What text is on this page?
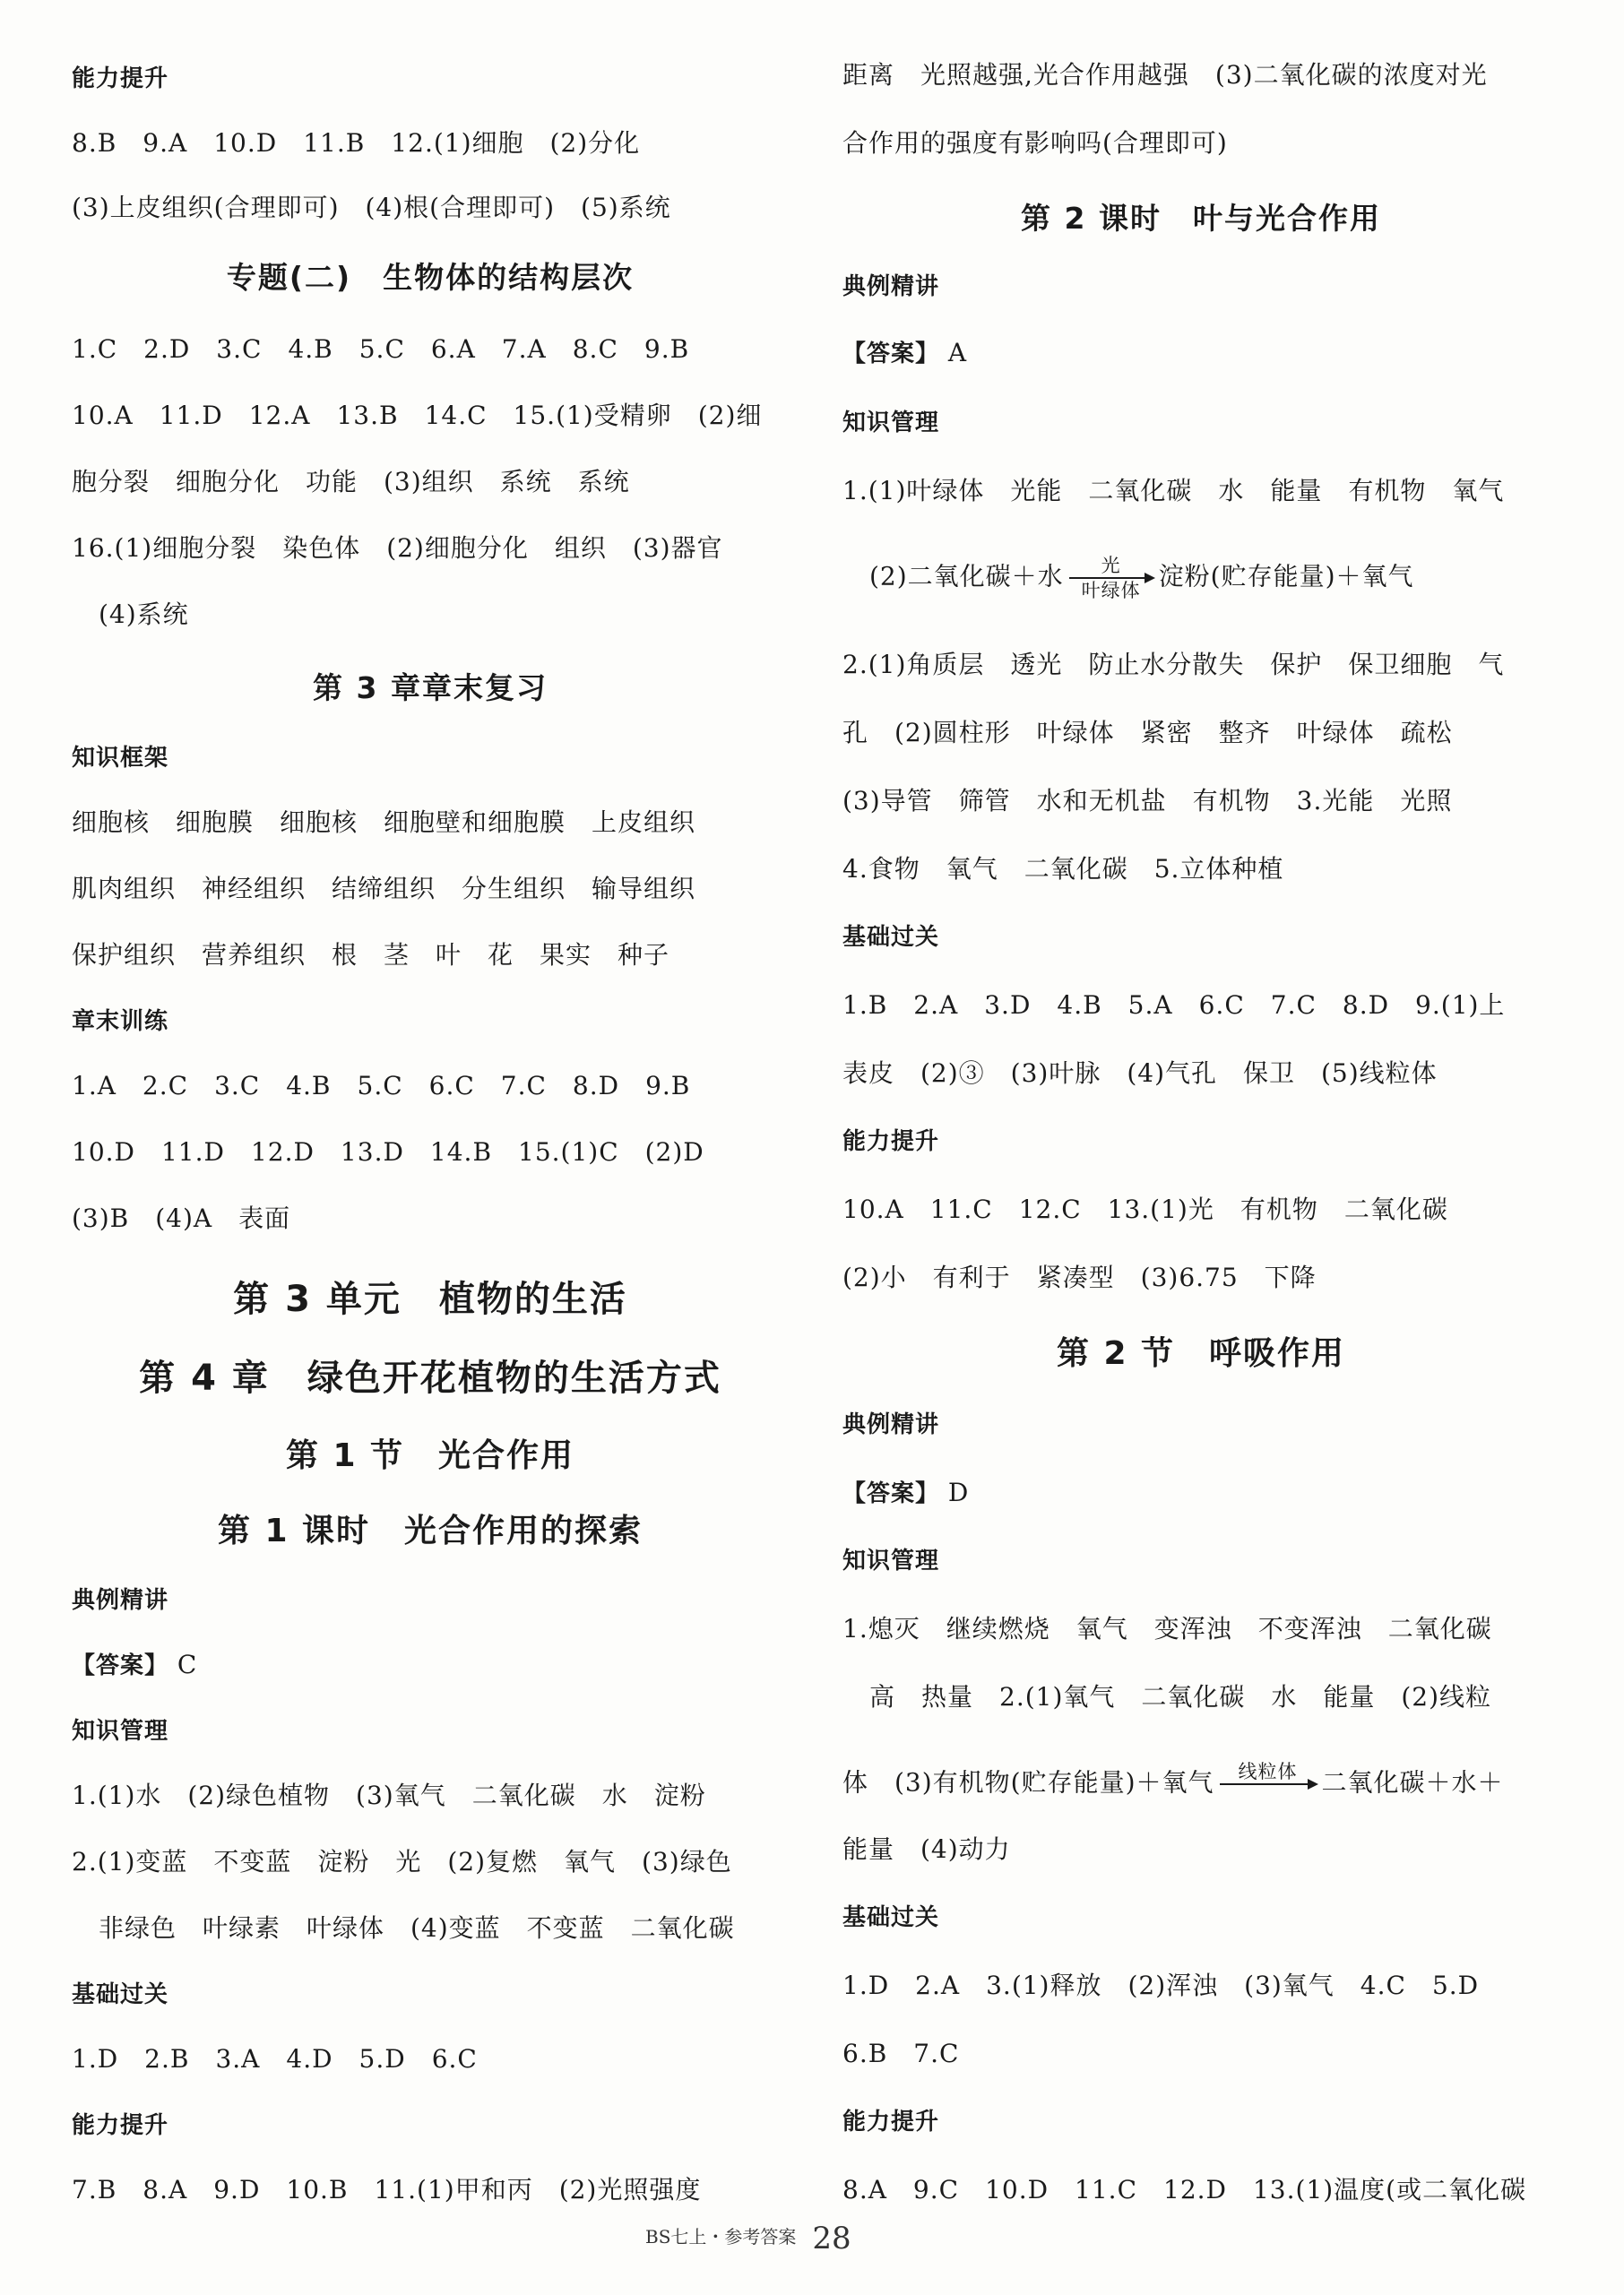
能力提升
8.B　9.A　10.D　11.B　12.(1)细胞　(2)分化
(3)上皮组织(合理即可)　(4)根(合理即可)　(5)系统
专题(二)　生物体的结构层次
1.C　2.D　3.C　4.B　5.C　6.A　7.A　8.C　9.B
10.A　11.D　12.A　13.B　14.C　15.(1)受精卵　(2)细
胞分裂　细胞分化　功能　(3)组织　系统　系统
16.(1)细胞分裂　染色体　(2)细胞分化　组织　(3)器官
(4)系统
第 3 章章末复习
知识框架
细胞核　细胞膜　细胞核　细胞壁和细胞膜　上皮组织
肌肉组织　神经组织　结缔组织　分生组织　输导组织
保护组织　营养组织　根　茎　叶　花　果实　种子
章末训练
1.A　2.C　3.C　4.B　5.C　6.C　7.C　8.D　9.B
10.D　11.D　12.D　13.D　14.B　15.(1)C　(2)D
(3)B　(4)A　表面
第 3 单元　植物的生活
第 4 章　绿色开花植物的生活方式
第 1 节　光合作用
第 1 课时　光合作用的探索
典例精讲
【答案】 C
知识管理
1.(1)水　(2)绿色植物　(3)氧气　二氧化碳　水　淀粉
2.(1)变蓝　不变蓝　淀粉　光　(2)复燃　氧气　(3)绿色
非绿色　叶绿素　叶绿体　(4)变蓝　不变蓝　二氧化碳
基础过关
1.D　2.B　3.A　4.D　5.D　6.C
能力提升
7.B　8.A　9.D　10.B　11.(1)甲和丙　(2)光照强度
距离　光照越强,光合作用越强　(3)二氧化碳的浓度对光
合作用的强度有影响吗(合理即可)
第 2 课时　叶与光合作用
典例精讲
【答案】 A
知识管理
1.(1)叶绿体　光能　二氧化碳　水　能量　有机物　氧气
(2)二氧化碳＋水	光
叶绿体 淀粉(贮存能量)＋氧气
2.(1)角质层　透光　防止水分散失　保护　保卫细胞　气
孔　(2)圆柱形　叶绿体　紧密　整齐　叶绿体　疏松
(3)导管　筛管　水和无机盐　有机物　3.光能　光照
4.食物　氧气　二氧化碳　5.立体种植
基础过关
1.B　2.A　3.D　4.B　5.A　6.C　7.C　8.D　9.(1)上
表皮　(2)③　(3)叶脉　(4)气孔　保卫　(5)线粒体
能力提升
10.A　11.C　12.C　13.(1)光　有机物　二氧化碳
(2)小　有利于　紧凑型　(3)6.75　下降
第 2 节　呼吸作用
典例精讲
【答案】 D
知识管理
1.熄灭　继续燃烧　氧气　变浑浊　不变浑浊　二氧化碳
高　热量　2.(1)氧气　二氧化碳　水　能量　(2)线粒
体　(3)有机物(贮存能量)＋氧气	线粒体
二氧化碳＋水＋
能量　(4)动力
基础过关
1.D　2.A　3.(1)释放　(2)浑浊　(3)氧气　4.C　5.D
6.B　7.C
能力提升
8.A　9.C　10.D　11.C　12.D　13.(1)温度(或二氧化碳
BS七上・参考答案 28
